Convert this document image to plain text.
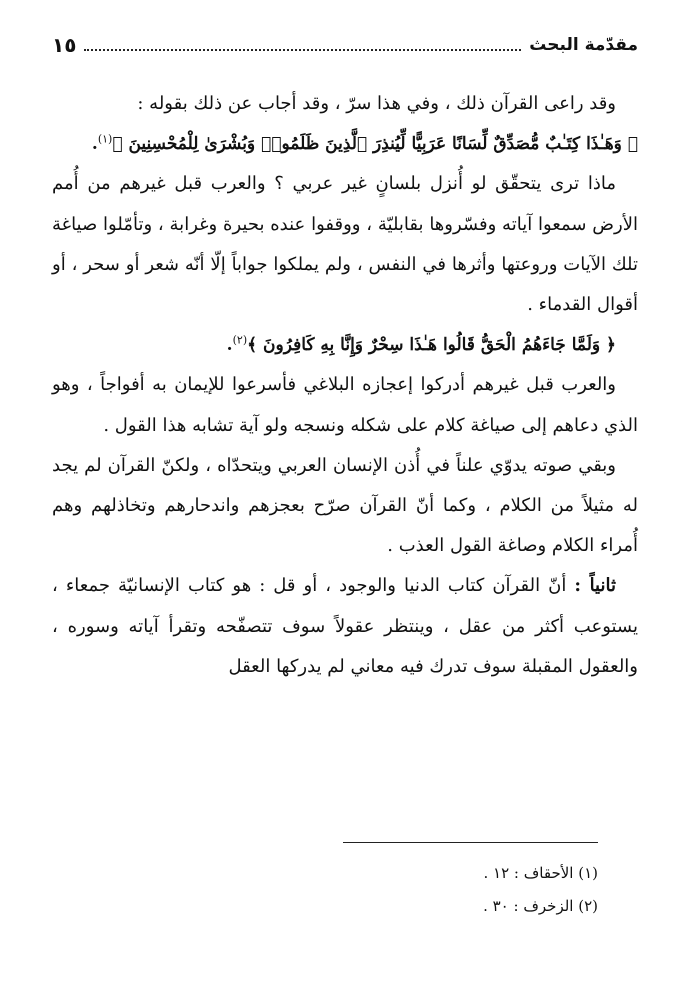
مقدّمة البحث
١٥

وقد راعى القرآن ذلك ، وفي هذا سرّ ، وقد أجاب عن ذلك بقوله :

﴿ وَهَـٰذَا كِتَـٰبٌ مُّصَدِّقٌ لِّسَانًا عَرَبِيًّا لِّيُنذِرَ ٱلَّذِينَ ظَلَمُوا۟ وَبُشْرَىٰ لِلْمُحْسِنِينَ ﴾$^{(١)}$.

ماذا ترى يتحقّق لو أُنزل بلسانٍ غير عربي ؟ والعرب قبل غيرهم من أُمم الأرض سمعوا آياته وفسّروها بقابليّة ، ووقفوا عنده بحيرة وغرابة ، وتأمّلوا صياغة تلك الآيات وروعتها وأثرها في النفس ، ولم يملكوا جواباً إلّا أنّه شعر أو سحر ، أو أقوال القدماء .

﴿ وَلَمَّا جَاءَهُمُ الْحَقُّ قَالُوا هَـٰذَا سِحْرٌ وَإِنَّا بِهِ كَافِرُونَ ﴾$^{(٢)}$.

والعرب قبل غيرهم أدركوا إعجازه البلاغي فأسرعوا للإيمان به أفواجاً ، وهو الذي دعاهم إلى صياغة كلام على شكله ونسجه ولو آية تشابه هذا القول .

وبقي صوته يدوّي علناً في أُذن الإنسان العربي ويتحدّاه ، ولكنّ القرآن لم يجد له مثيلاً من الكلام ، وكما أنّ القرآن صرّح بعجزهم واندحارهم وتخاذلهم وهم أُمراء الكلام وصاغة القول العذب .

ثانياً : أنّ القرآن كتاب الدنيا والوجود ، أو قل : هو كتاب الإنسانيّة جمعاء ، يستوعب أكثر من عقل ، وينتظر عقولاً سوف تتصفّحه وتقرأ آياته وسوره ، والعقول المقبلة سوف تدرك فيه معاني لم يدركها العقل

(١) الأحقاف : ١٢ .
(٢) الزخرف : ٣٠ .
